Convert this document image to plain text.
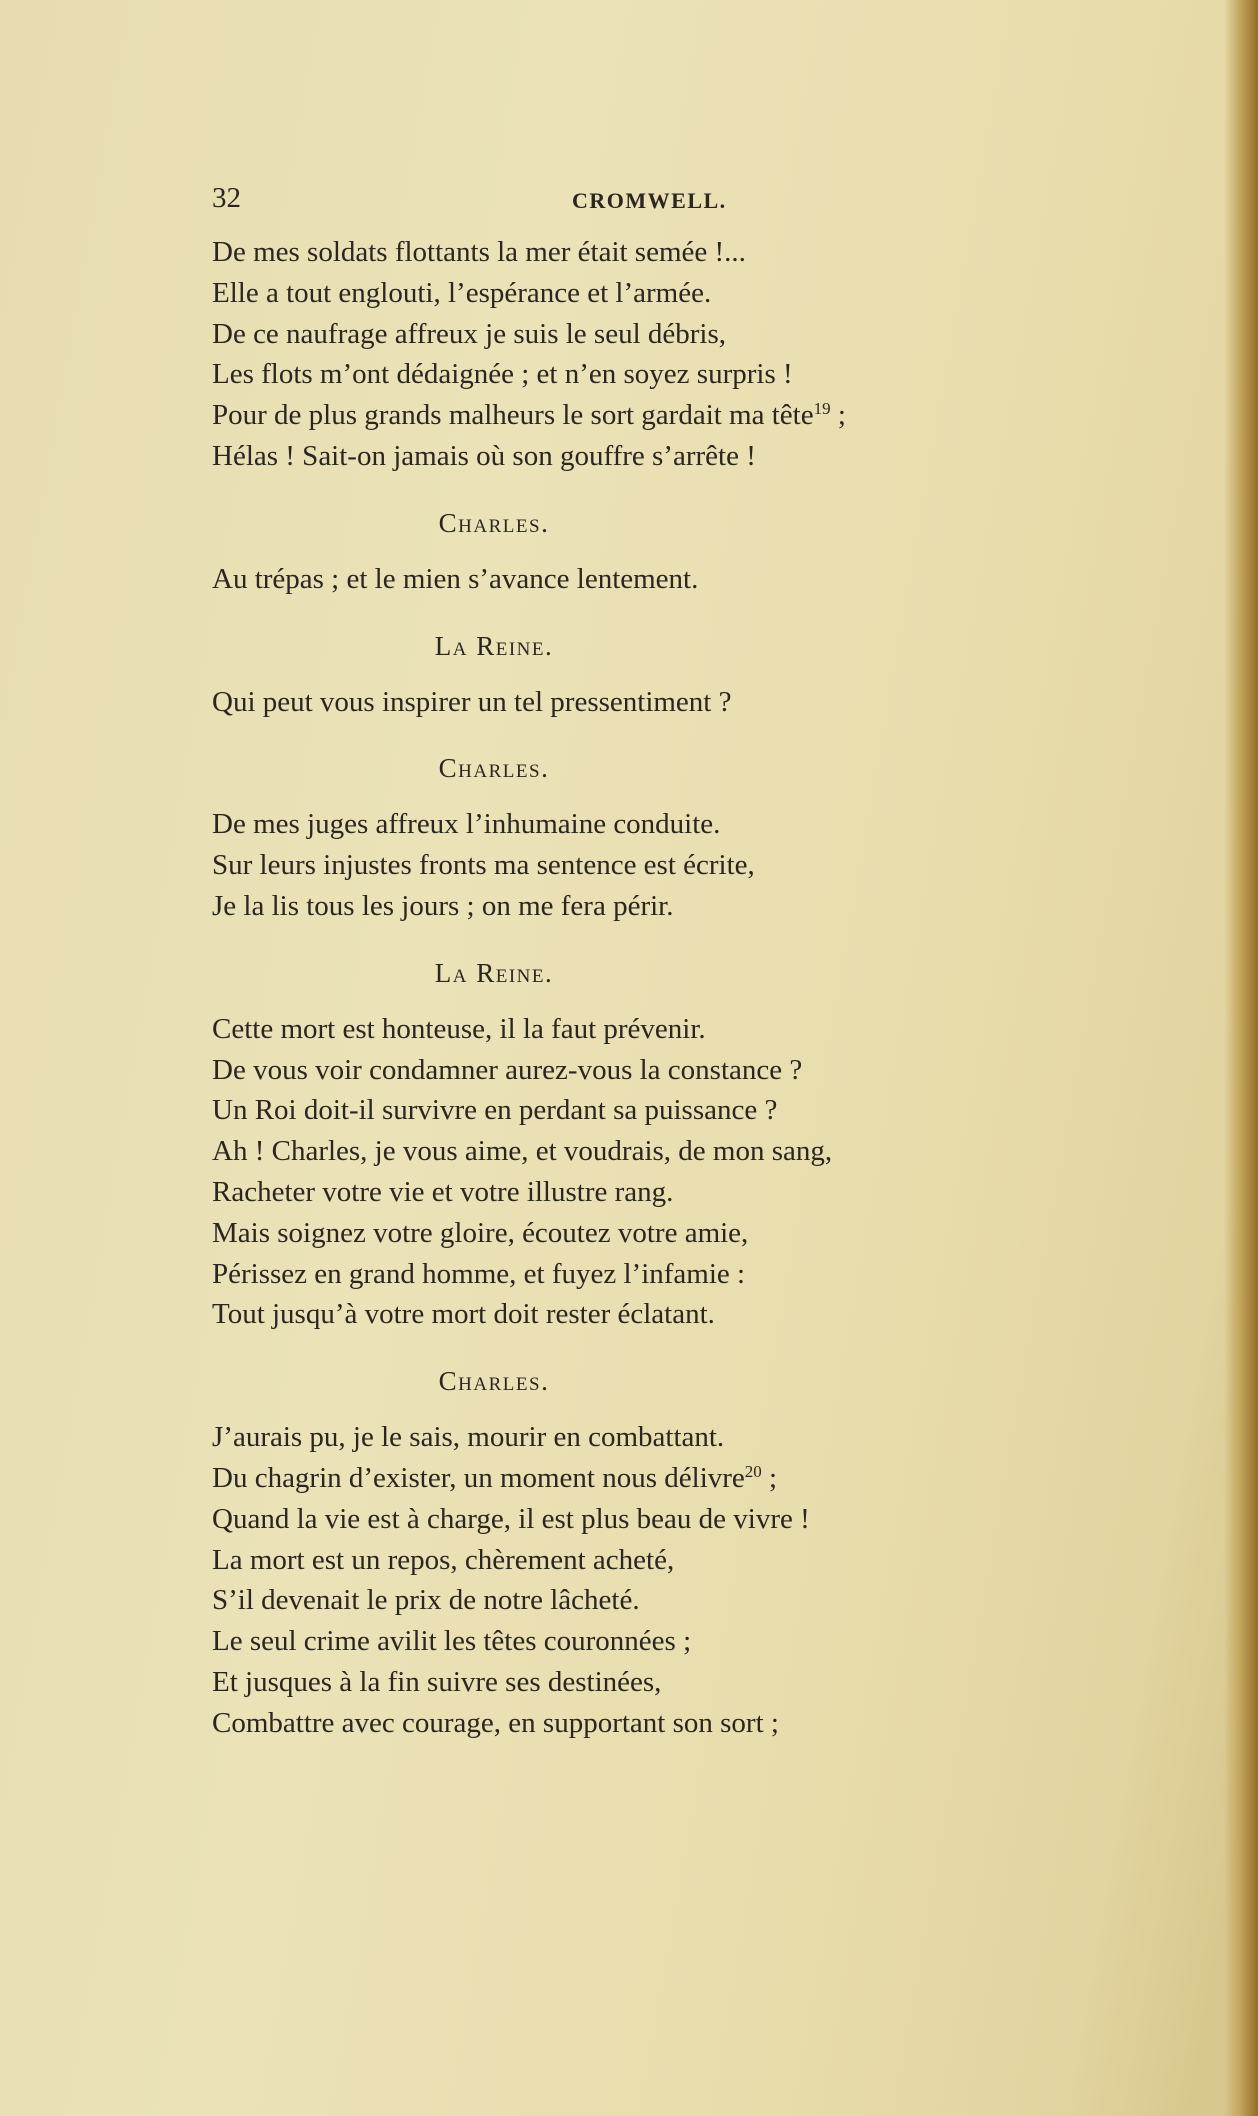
32	CROMWELL.
De mes soldats flottants la mer était semée !...
Elle a tout englouti, l’espérance et l’armée.
De ce naufrage affreux je suis le seul débris,
Les flots m’ont dédaignée ; et n’en soyez surpris !
Pour de plus grands malheurs le sort gardait ma tête$^{19}$ ;
Hélas ! Sait-on jamais où son gouffre s’arrête !
Charles.
Au trépas ; et le mien s’avance lentement.
La Reine.
Qui peut vous inspirer un tel pressentiment ?
Charles.
De mes juges affreux l’inhumaine conduite.
Sur leurs injustes fronts ma sentence est écrite,
Je la lis tous les jours ; on me fera périr.
La Reine.
Cette mort est honteuse, il la faut prévenir.
De vous voir condamner aurez-vous la constance ?
Un Roi doit-il survivre en perdant sa puissance ?
Ah ! Charles, je vous aime, et voudrais, de mon sang,
Racheter votre vie et votre illustre rang.
Mais soignez votre gloire, écoutez votre amie,
Périssez en grand homme, et fuyez l’infamie :
Tout jusqu’à votre mort doit rester éclatant.
Charles.
J’aurais pu, je le sais, mourir en combattant.
Du chagrin d’exister, un moment nous délivre$^{20}$ ;
Quand la vie est à charge, il est plus beau de vivre !
La mort est un repos, chèrement acheté,
S’il devenait le prix de notre lâcheté.
Le seul crime avilit les têtes couronnées ;
Et jusques à la fin suivre ses destinées,
Combattre avec courage, en supportant son sort ;
